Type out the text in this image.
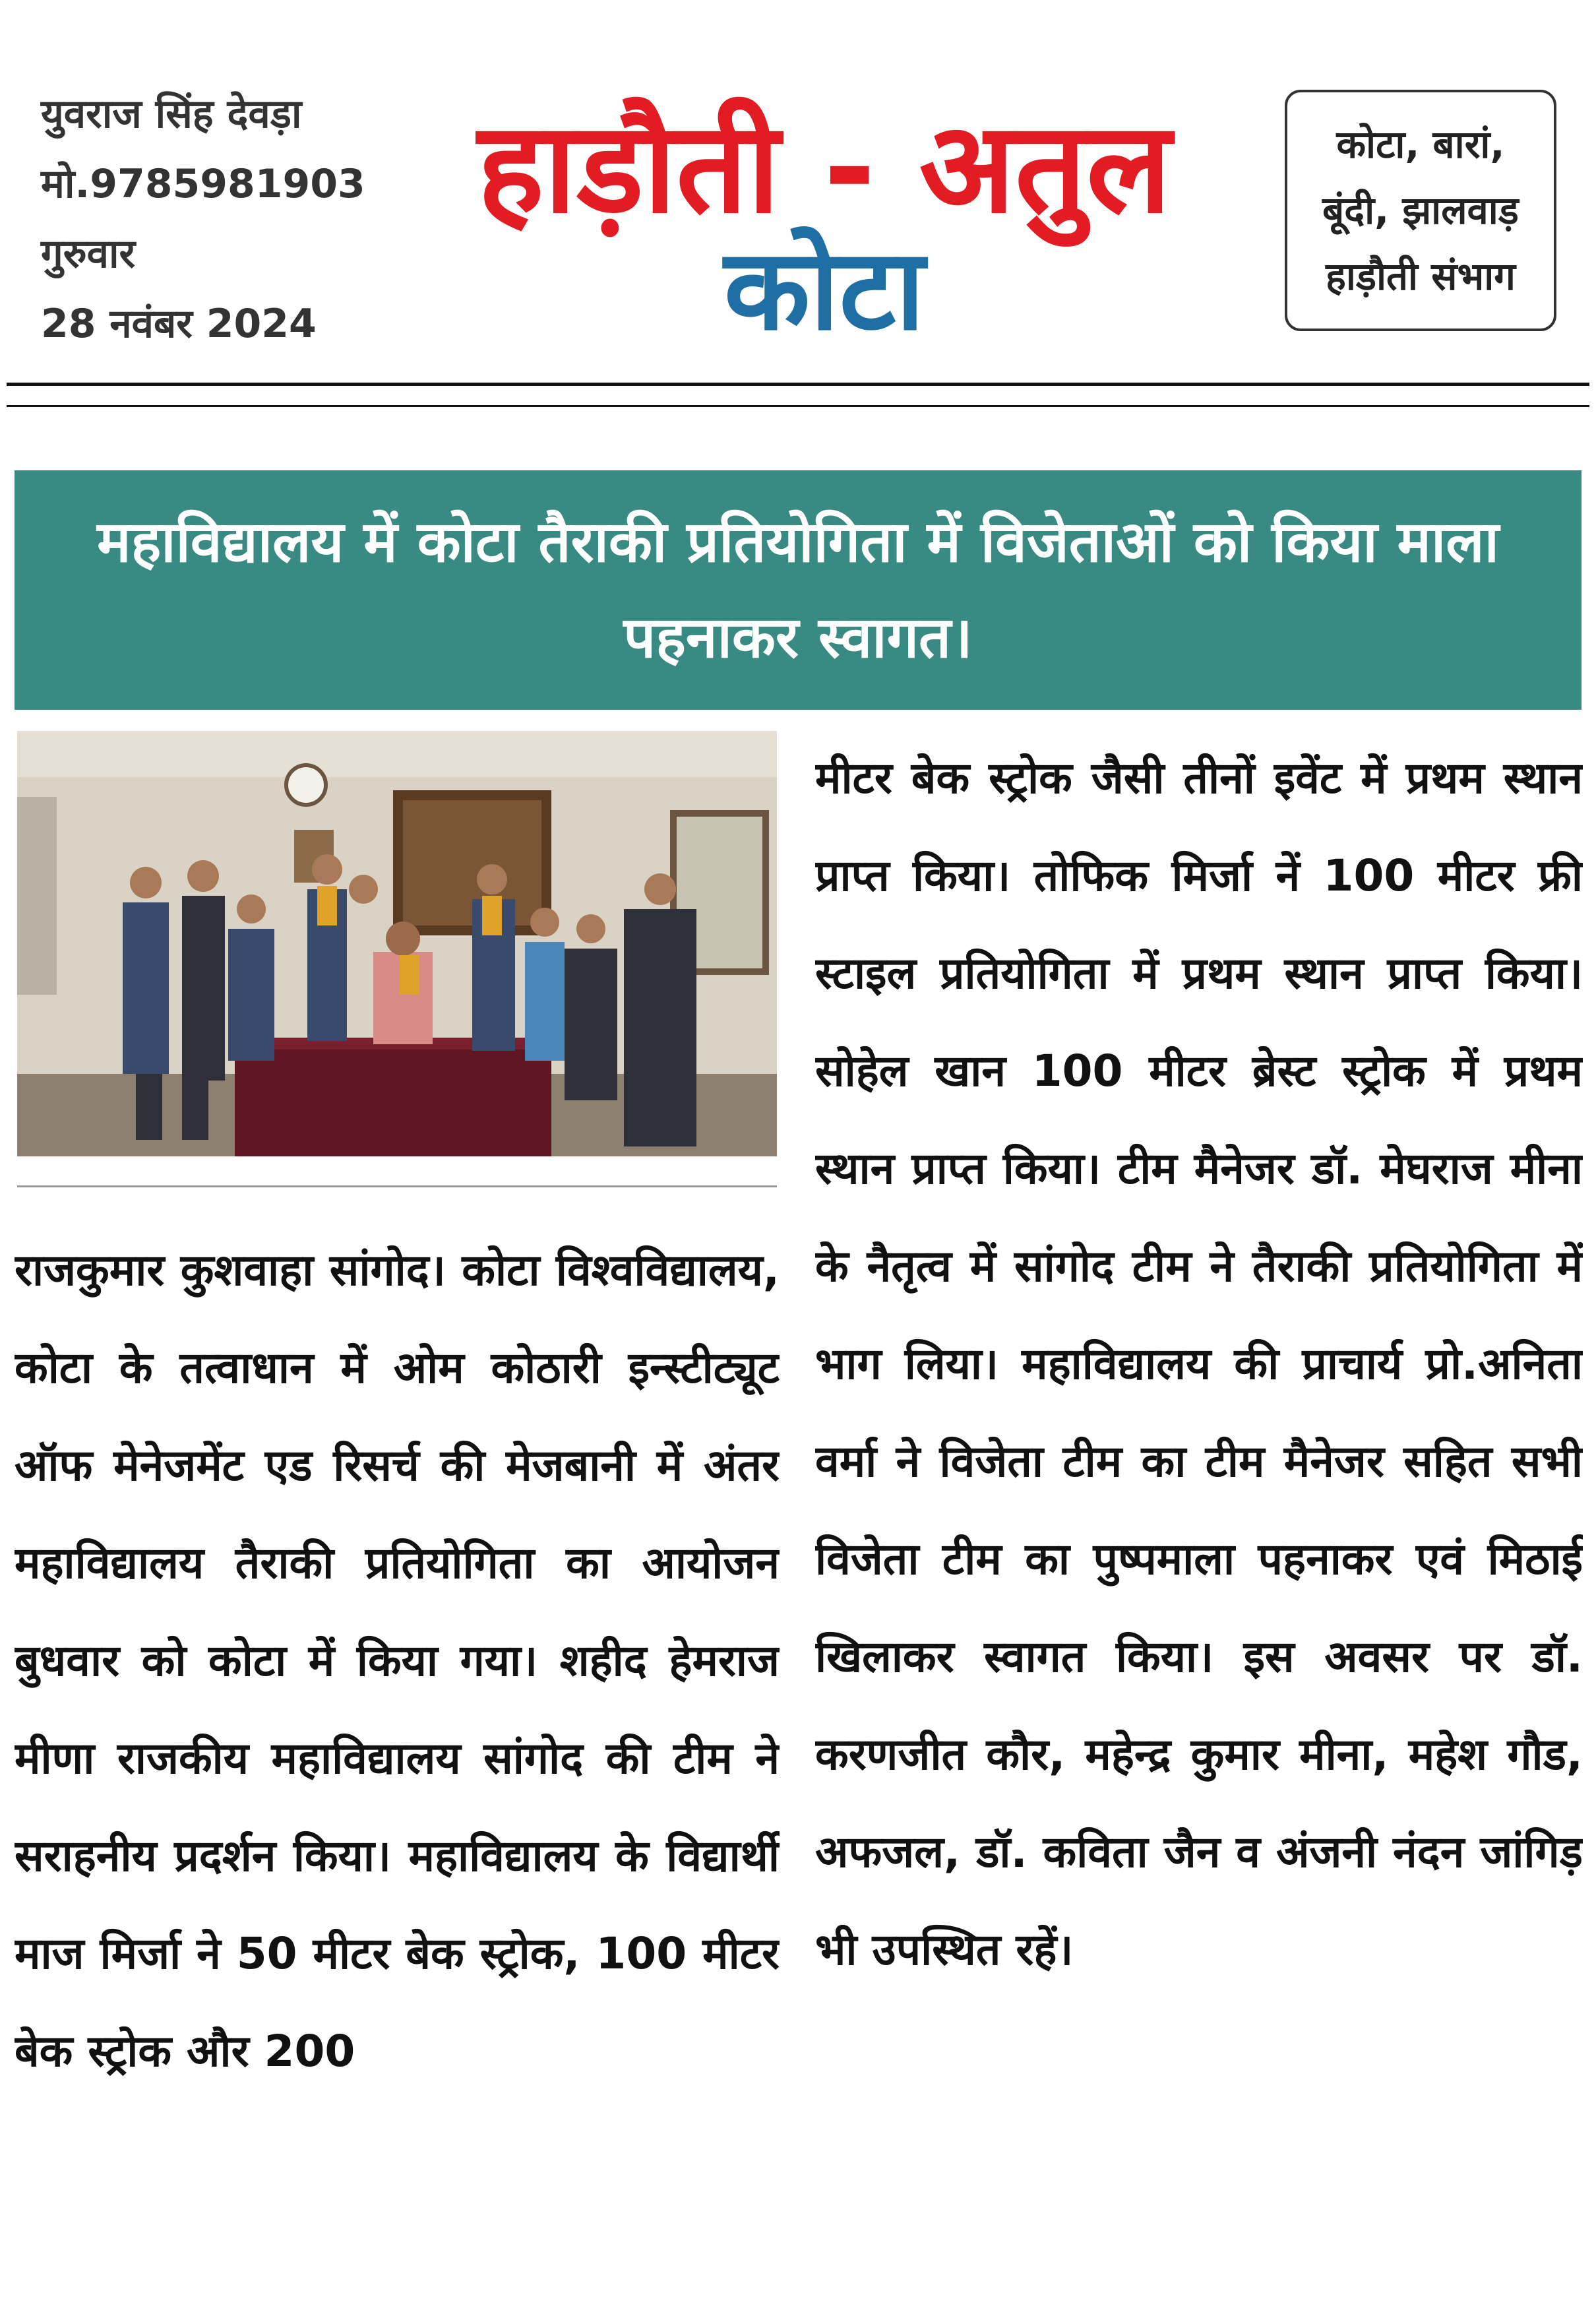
युवराज सिंह देवड़ा
मो.9785981903
गुरुवार
28 नवंबर 2024
हाड़ौती - अतुल
कोटा
कोटा, बारां,
बूंदी, झालवाड़
हाड़ौती संभाग
महाविद्यालय में कोटा तैराकी प्रतियोगिता में विजेताओं को किया माला पहनाकर स्वागत।
राजकुमार कुशवाहा सांगोद। कोटा विश्वविद्यालय, कोटा के तत्वाधान में ओम कोठारी इन्स्टीट्यूट ऑफ मेनेजमेंट एड रिसर्च की मेजबानी में अंतर महाविद्यालय तैराकी प्रतियोगिता का आयोजन बुधवार को कोटा में किया गया। शहीद हेमराज मीणा राजकीय महाविद्यालय सांगोद की टीम ने सराहनीय प्रदर्शन किया। महाविद्यालय के विद्यार्थी माज मिर्जा ने 50 मीटर बेक स्ट्रोक, 100 मीटर बेक स्ट्रोक और 200
मीटर बेक स्ट्रोक जैसी तीनों इवेंट में प्रथम स्थान प्राप्त किया। तोफिक मिर्जा नें 100 मीटर फ्री स्टाइल प्रतियोगिता में प्रथम स्थान प्राप्त किया। सोहेल खान 100 मीटर ब्रेस्ट स्ट्रोक में प्रथम स्थान प्राप्त किया। टीम मैनेजर डॉ. मेघराज मीना के नैतृत्व में सांगोद टीम ने तैराकी प्रतियोगिता में भाग लिया। महाविद्यालय की प्राचार्य प्रो.अनिता वर्मा ने विजेता टीम का टीम मैनेजर सहित सभी विजेता टीम का पुष्पमाला पहनाकर एवं मिठाई खिलाकर स्वागत किया। इस अवसर पर डॉ. करणजीत कौर, महेन्द्र कुमार मीना, महेश गौड, अफजल, डॉ. कविता जैन व अंजनी नंदन जांगिड़ भी उपस्थित रहें।
